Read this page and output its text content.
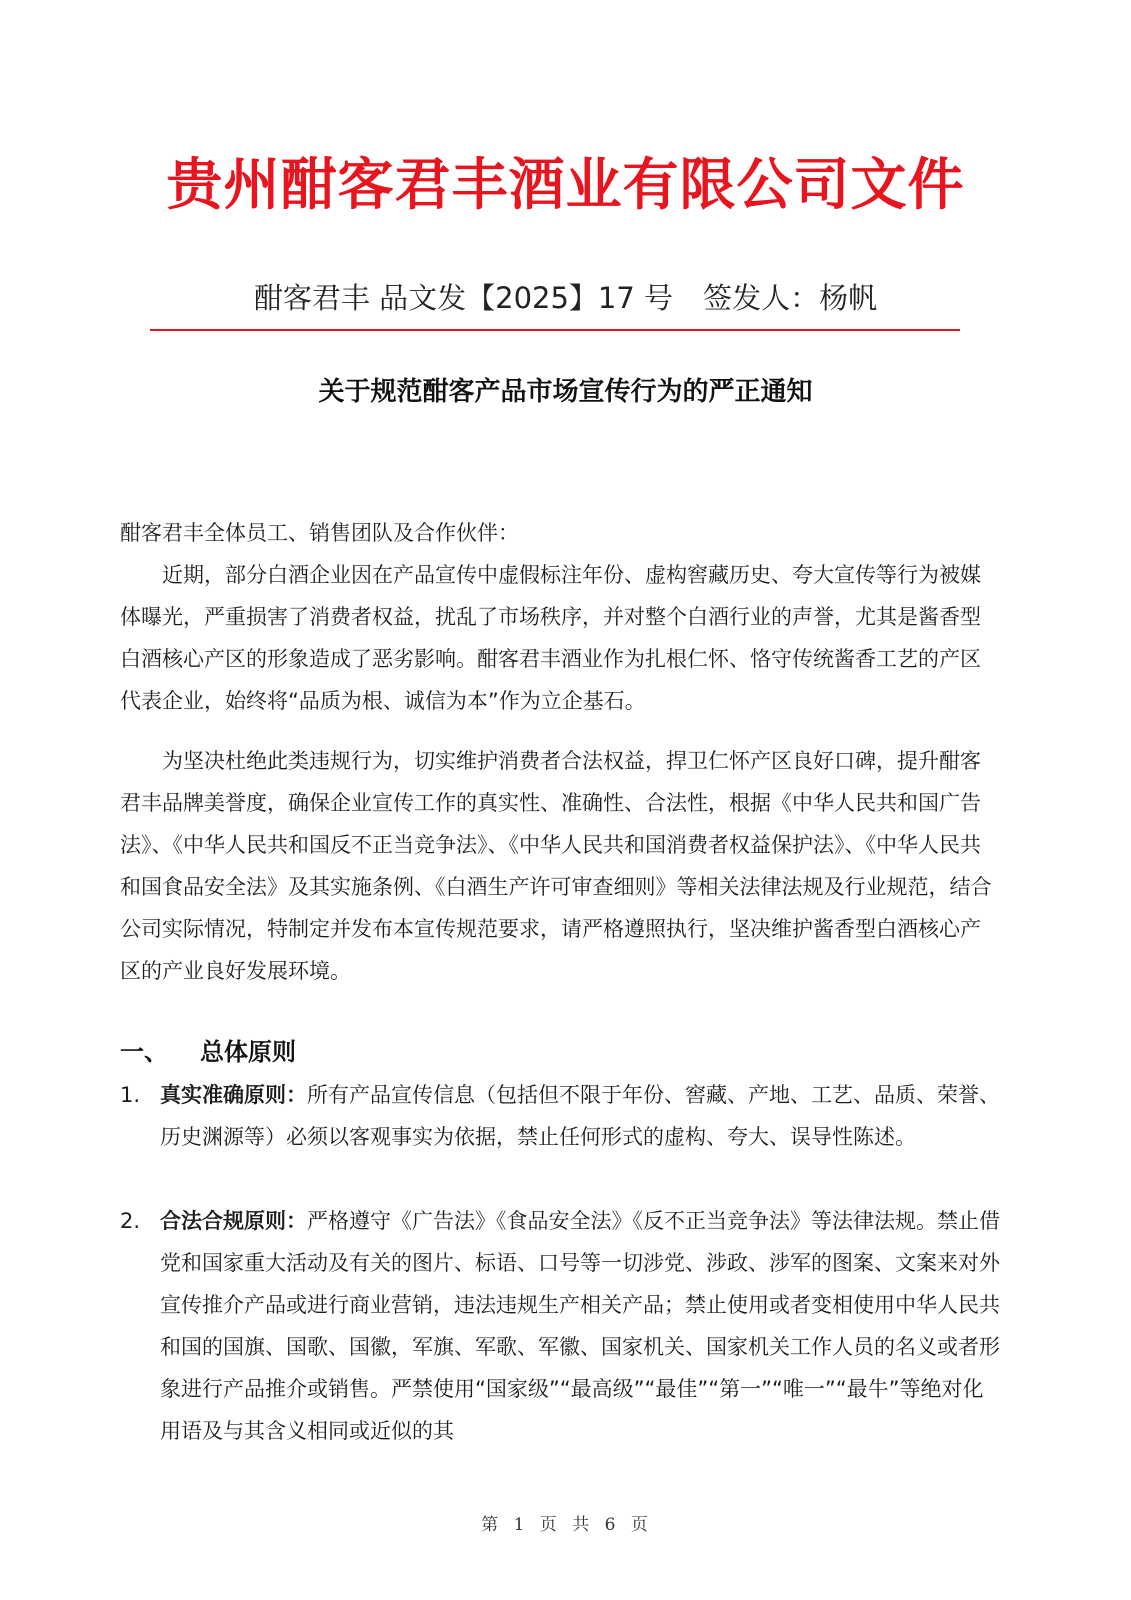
贵州酣客君丰酒业有限公司文件
酣客君丰 品文发【2025】17 号 签发人：杨帆
关于规范酣客产品市场宣传行为的严正通知
酣客君丰全体员工、销售团队及合作伙伴：

近期，部分白酒企业因在产品宣传中虚假标注年份、虚构窖藏历史、夸大宣传等行为被媒体曝光，严重损害了消费者权益，扰乱了市场秩序，并对整个白酒行业的声誉，尤其是酱香型白酒核心产区的形象造成了恶劣影响。酣客君丰酒业作为扎根仁怀、恪守传统酱香工艺的产区代表企业，始终将“品质为根、诚信为本”作为立企基石。

为坚决杜绝此类违规行为，切实维护消费者合法权益，捍卫仁怀产区良好口碑，提升酣客君丰品牌美誉度，确保企业宣传工作的真实性、准确性、合法性，根据《中华人民共和国广告法》、《中华人民共和国反不正当竞争法》、《中华人民共和国消费者权益保护法》、《中华人民共和国食品安全法》及其实施条例、《白酒生产许可审查细则》等相关法律法规及行业规范，结合公司实际情况，特制定并发布本宣传规范要求，请严格遵照执行，坚决维护酱香型白酒核心产区的产业良好发展环境。

一、 总体原则
1. 真实准确原则：所有产品宣传信息（包括但不限于年份、窖藏、产地、工艺、品质、荣誉、历史渊源等）必须以客观事实为依据，禁止任何形式的虚构、夸大、误导性陈述。
2. 合法合规原则：严格遵守《广告法》《食品安全法》《反不正当竞争法》等法律法规。禁止借党和国家重大活动及有关的图片、标语、口号等一切涉党、涉政、涉军的图案、文案来对外宣传推介产品或进行商业营销，违法违规生产相关产品；禁止使用或者变相使用中华人民共和国的国旗、国歌、国徽，军旗、军歌、军徽、国家机关、国家机关工作人员的名义或者形象进行产品推介或销售。严禁使用“国家级”“最高级”“最佳”“第一”“唯一”“最牛”等绝对化用语及与其含义相同或近似的其
第 1 页 共 6 页
